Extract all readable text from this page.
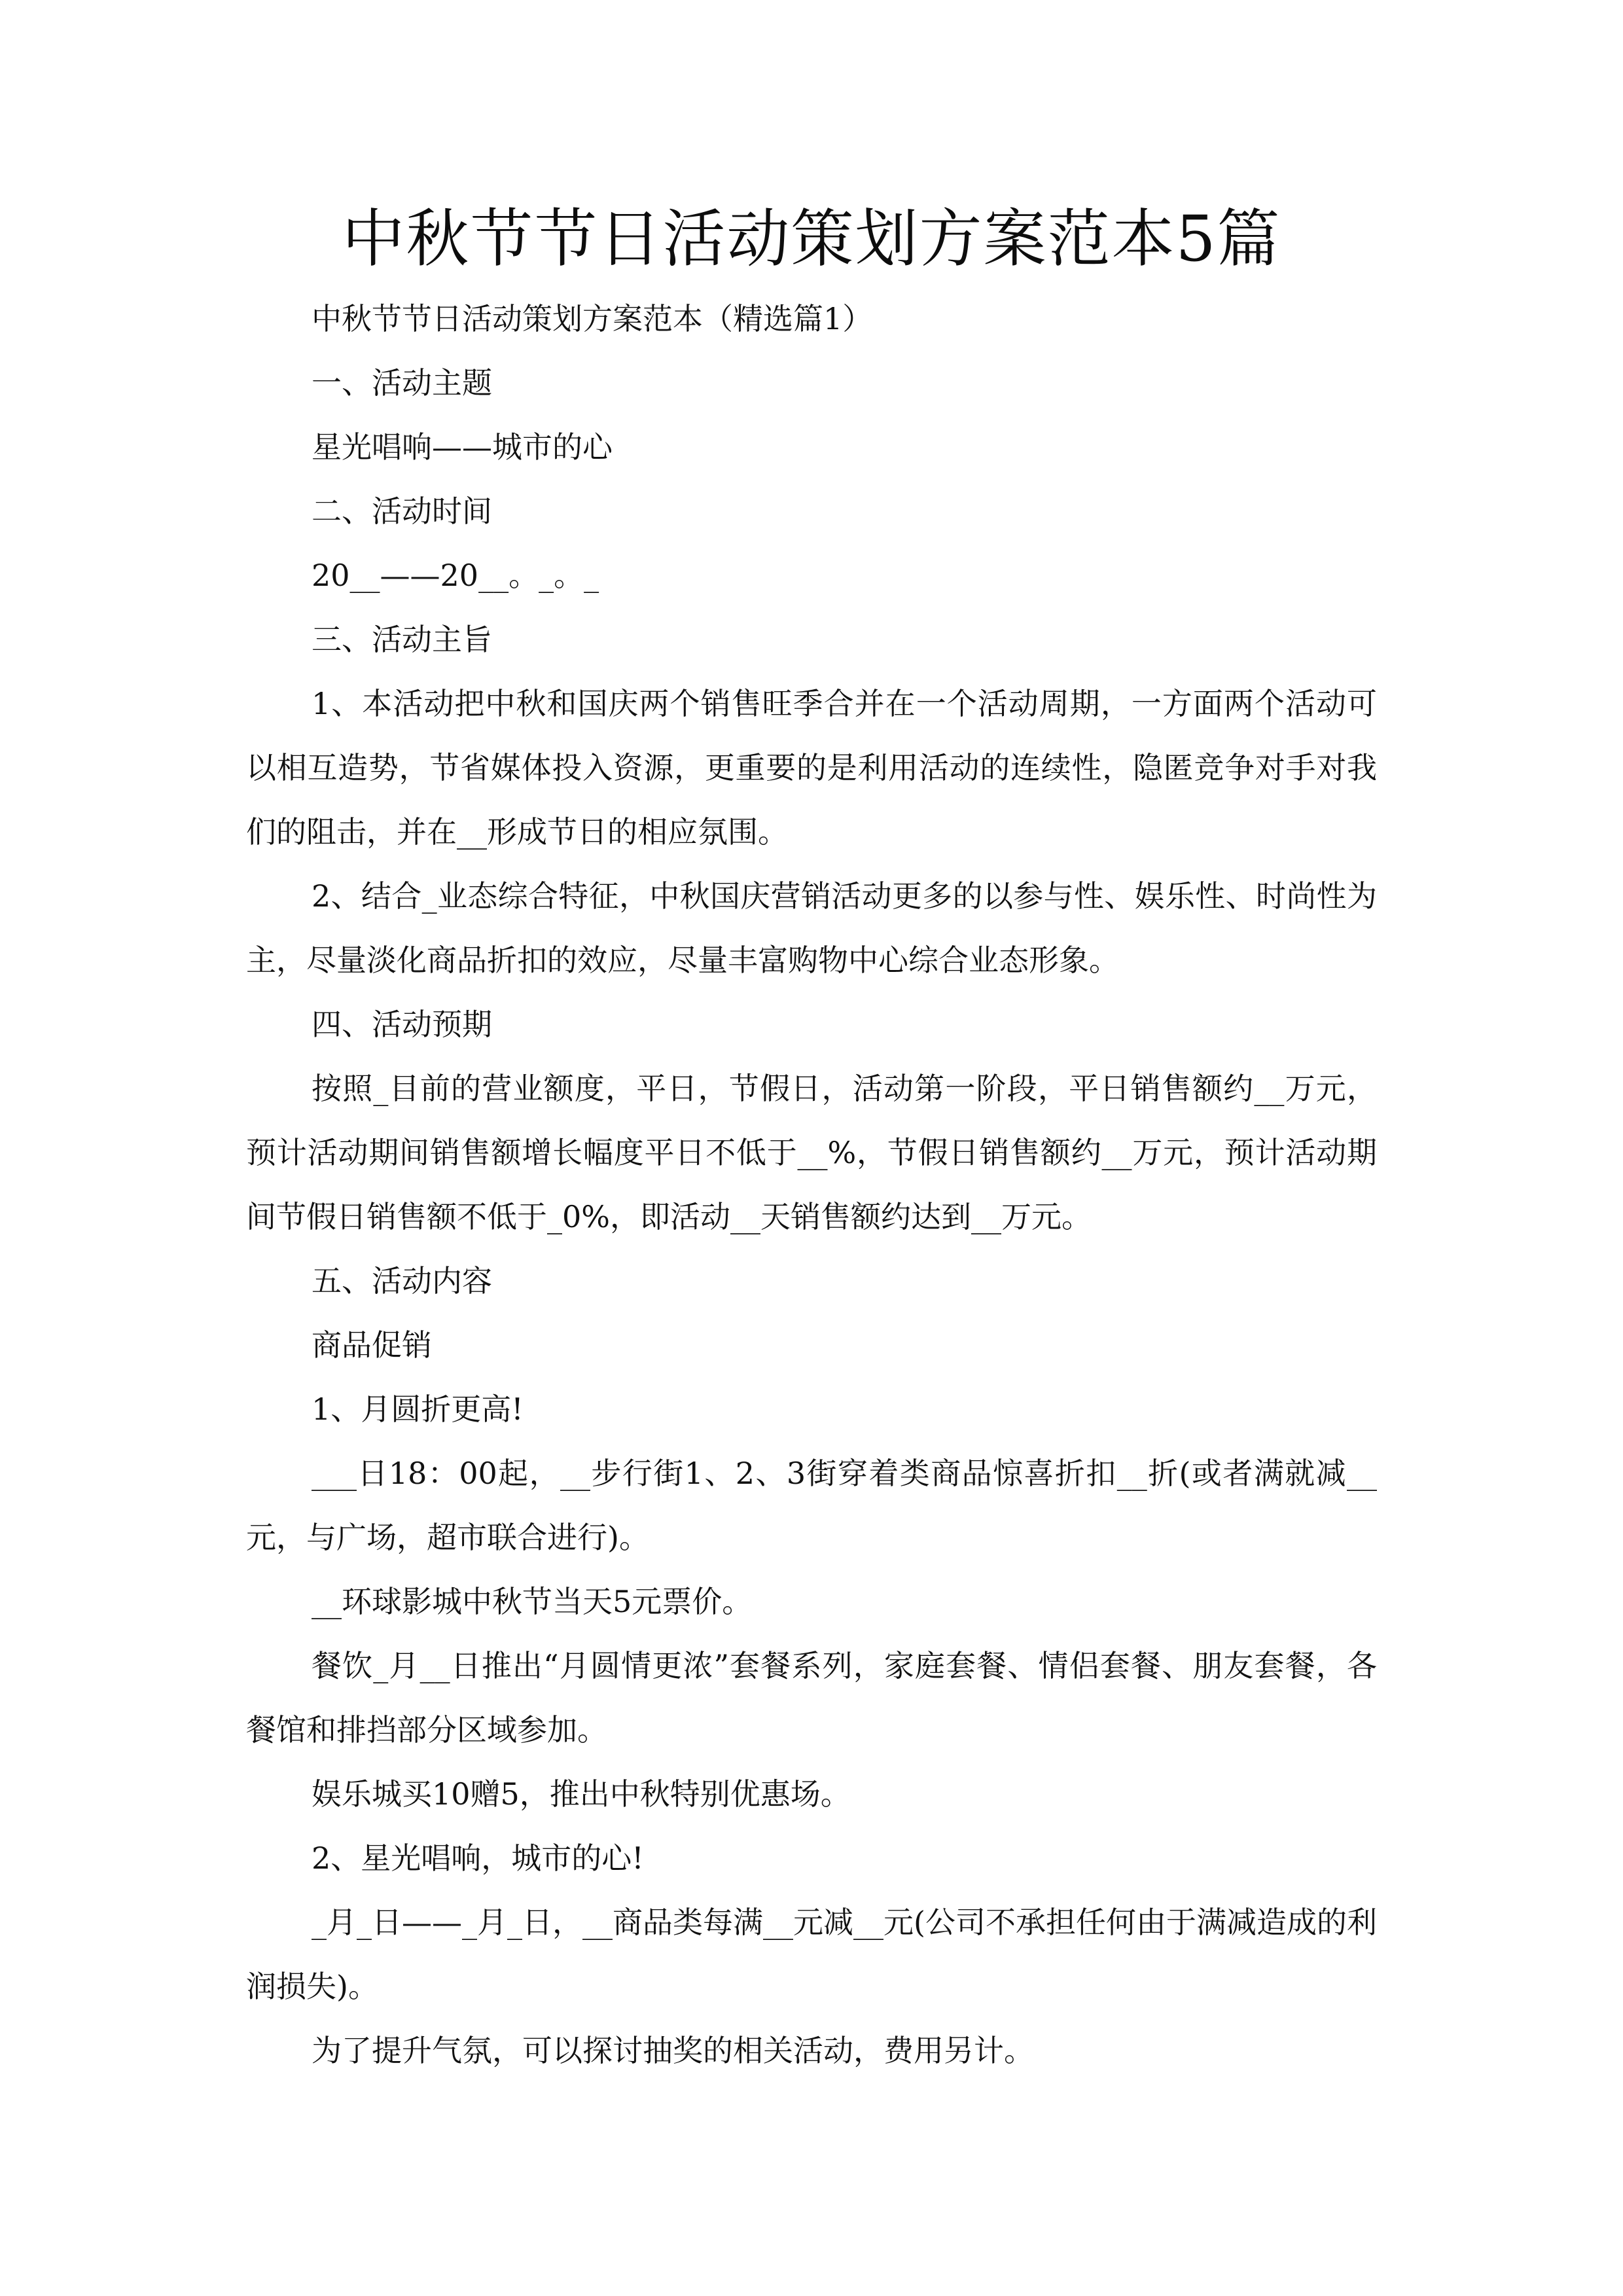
中秋节节日活动策划方案范本5篇

中秋节节日活动策划方案范本（精选篇1）

一、活动主题

星光唱响——城市的心

二、活动时间

20__——20__。_。_

三、活动主旨

1、本活动把中秋和国庆两个销售旺季合并在一个活动周期，一方面两个活动可以相互造势，节省媒体投入资源，更重要的是利用活动的连续性，隐匿竞争对手对我们的阻击，并在__形成节日的相应氛围。

2、结合_业态综合特征，中秋国庆营销活动更多的以参与性、娱乐性、时尚性为主，尽量淡化商品折扣的效应，尽量丰富购物中心综合业态形象。

四、活动预期

按照_目前的营业额度，平日，节假日，活动第一阶段，平日销售额约__万元，预计活动期间销售额增长幅度平日不低于__%，节假日销售额约__万元，预计活动期间节假日销售额不低于_0%，即活动__天销售额约达到__万元。

五、活动内容

商品促销

1、月圆折更高!

___日18：00起，__步行街1、2、3街穿着类商品惊喜折扣__折(或者满就减__元，与广场，超市联合进行)。

__环球影城中秋节当天5元票价。

餐饮_月__日推出“月圆情更浓”套餐系列，家庭套餐、情侣套餐、朋友套餐，各餐馆和排挡部分区域参加。

娱乐城买10赠5，推出中秋特别优惠场。

2、星光唱响，城市的心!

_月_日——_月_日，__商品类每满__元减__元(公司不承担任何由于满减造成的利润损失)。

为了提升气氛，可以探讨抽奖的相关活动，费用另计。
